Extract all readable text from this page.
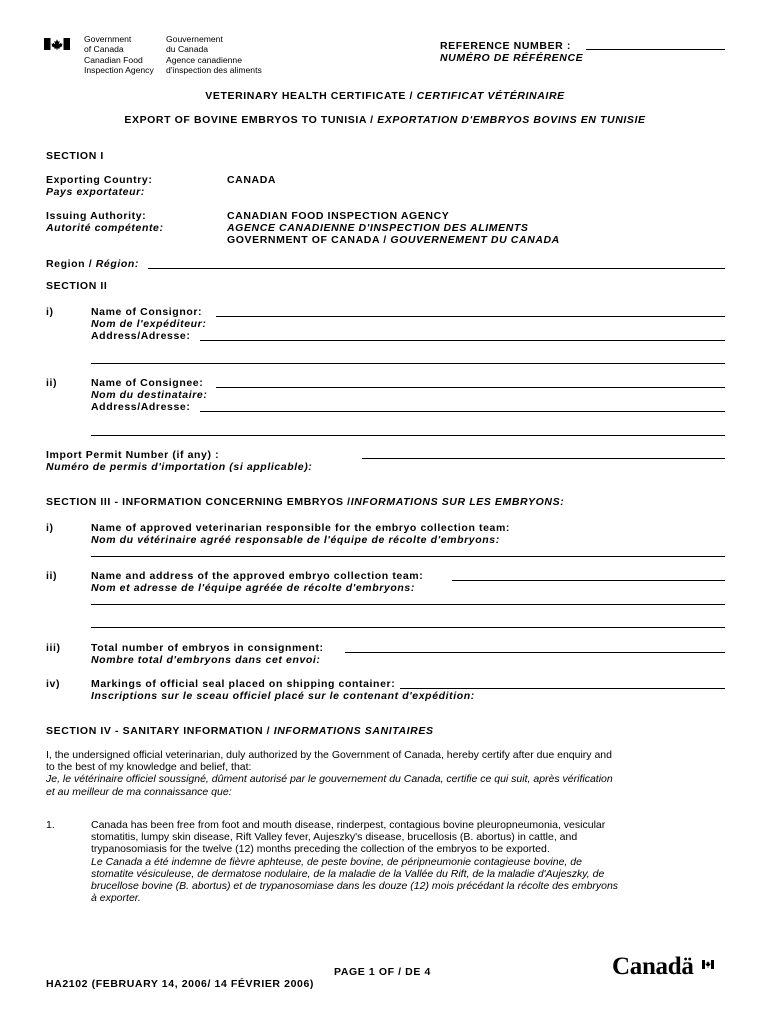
Government
of Canada
Gouvernement
du Canada
Canadian Food
Inspection Agency
Agence canadienne
d'inspection des aliments
REFERENCE NUMBER :
NUMÉRO DE RÉFÉRENCE
VETERINARY HEALTH CERTIFICATE / CERTIFICAT VÉTÉRINAIRE
EXPORT OF BOVINE EMBRYOS TO TUNISIA / EXPORTATION D'EMBRYOS BOVINS EN TUNISIE
SECTION I
Exporting Country:
Pays exportateur:
CANADA
Issuing Authority:
Autorité compétente:
CANADIAN FOOD INSPECTION AGENCY
AGENCE CANADIENNE D'INSPECTION DES ALIMENTS
GOVERNMENT OF CANADA / GOUVERNEMENT DU CANADA
Region / Région:
SECTION II
i)	Name of Consignor:
Nom de l'expéditeur:
Address/Adresse:
ii)	Name of Consignee:
Nom du destinataire:
Address/Adresse:
Import Permit Number (if any) :
Numéro de permis d'importation (si applicable):
SECTION III - INFORMATION CONCERNING EMBRYOS /INFORMATIONS SUR LES EMBRYONS:
i)	Name of approved veterinarian responsible for the embryo collection team:
Nom du vétérinaire agréé responsable de l'équipe de récolte d'embryons:
ii)	Name and address of the approved embryo collection team:
Nom et adresse de l'équipe agréée de récolte d'embryons:
iii)	Total number of embryos in consignment:
Nombre total d'embryons dans cet envoi:
iv)	Markings of official seal placed on shipping container:
Inscriptions sur le sceau officiel placé sur le contenant d'expédition:
SECTION IV - SANITARY INFORMATION / INFORMATIONS SANITAIRES
I, the undersigned official veterinarian, duly authorized by the Government of Canada, hereby certify after due enquiry and
to the best of my knowledge and belief, that:
Je, le vétérinaire officiel soussigné, dûment autorisé par le gouvernement du Canada, certifie ce qui suit, après vérification
et au meilleur de ma connaissance que:
1.	Canada has been free from foot and mouth disease, rinderpest, contagious bovine pleuropneumonia, vesicular
stomatitis, lumpy skin disease, Rift Valley fever, Aujeszky's disease, brucellosis (B. abortus) in cattle, and
trypanosomiasis for the twelve (12) months preceding the collection of the embryos to be exported.
Le Canada a été indemne de fièvre aphteuse, de peste bovine, de péripneumonie contagieuse bovine, de
stomatite vésiculeuse, de dermatose nodulaire, de la maladie de la Vallée du Rift, de la maladie d'Aujeszky, de
brucellose bovine (B. abortus) et de trypanosomiase dans les douze (12) mois précédant la récolte des embryons
à exporter.
PAGE 1 OF / DE 4
HA2102 (FEBRUARY 14, 2006/ 14 FÉVRIER 2006)
Canadä
